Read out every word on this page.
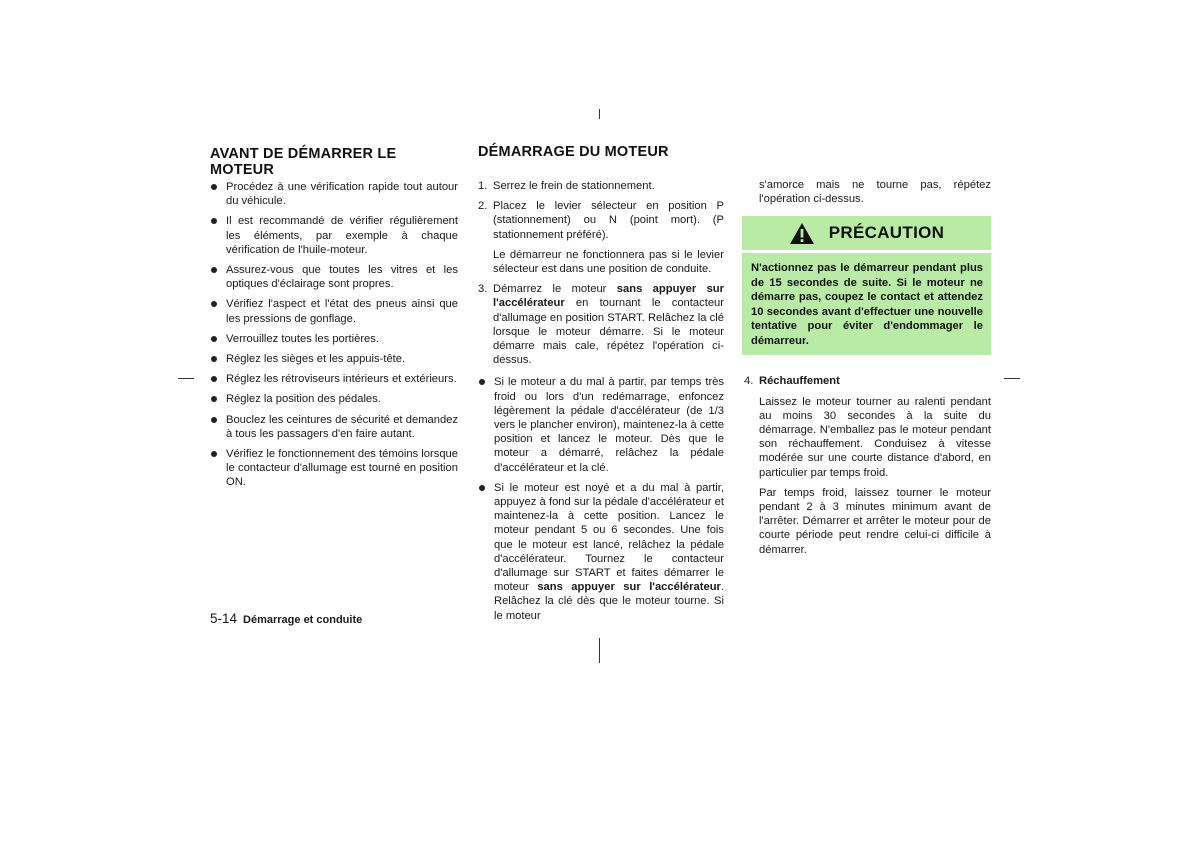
AVANT DE DÉMARRER LE MOTEUR
Procédez à une vérification rapide tout autour du véhicule.
Il est recommandé de vérifier régulièrement les éléments, par exemple à chaque vérification de l'huile-moteur.
Assurez-vous que toutes les vitres et les optiques d'éclairage sont propres.
Vérifiez l'aspect et l'état des pneus ainsi que les pressions de gonflage.
Verrouillez toutes les portières.
Réglez les sièges et les appuis-tête.
Réglez les rétroviseurs intérieurs et extérieurs.
Réglez la position des pédales.
Bouclez les ceintures de sécurité et demandez à tous les passagers d'en faire autant.
Vérifiez le fonctionnement des témoins lorsque le contacteur d'allumage est tourné en position ON.
DÉMARRAGE DU MOTEUR
1. Serrez le frein de stationnement.
2. Placez le levier sélecteur en position P (stationnement) ou N (point mort). (P stationnement préféré).

Le démarreur ne fonctionnera pas si le levier sélecteur est dans une position de conduite.

3. Démarrez le moteur sans appuyer sur l'accélérateur en tournant le contacteur d'allumage en position START. Relâchez la clé lorsque le moteur démarre. Si le moteur démarre mais cale, répétez l'opération ci-dessus.
Si le moteur a du mal à partir, par temps très froid ou lors d'un redémarrage, enfoncez légèrement la pédale d'accélérateur (de 1/3 vers le plancher environ), maintenez-la à cette position et lancez le moteur. Dès que le moteur a démarré, relâchez la pédale d'accélérateur et la clé.
Si le moteur est noyé et a du mal à partir, appuyez à fond sur la pédale d'accélérateur et maintenez-la à cette position. Lancez le moteur pendant 5 ou 6 secondes. Une fois que le moteur est lancé, relâchez la pédale d'accélérateur. Tournez le contacteur d'allumage sur START et faites démarrer le moteur sans appuyer sur l'accélérateur. Relâchez la clé dès que le moteur tourne. Si le moteur

s'amorce mais ne tourne pas, répétez l'opération ci-dessus.

PRÉCAUTION
N'actionnez pas le démarreur pendant plus de 15 secondes de suite. Si le moteur ne démarre pas, coupez le contact et attendez 10 secondes avant d'effectuer une nouvelle tentative pour éviter d'endommager le démarreur.
4. Réchauffement

Laissez le moteur tourner au ralenti pendant au moins 30 secondes à la suite du démarrage. N'emballez pas le moteur pendant son réchauffement. Conduisez à vitesse modérée sur une courte distance d'abord, en particulier par temps froid.

Par temps froid, laissez tourner le moteur pendant 2 à 3 minutes minimum avant de l'arrêter. Démarrer et arrêter le moteur pour de courte période peut rendre celui-ci difficile à démarrer.

5-14 Démarrage et conduite
